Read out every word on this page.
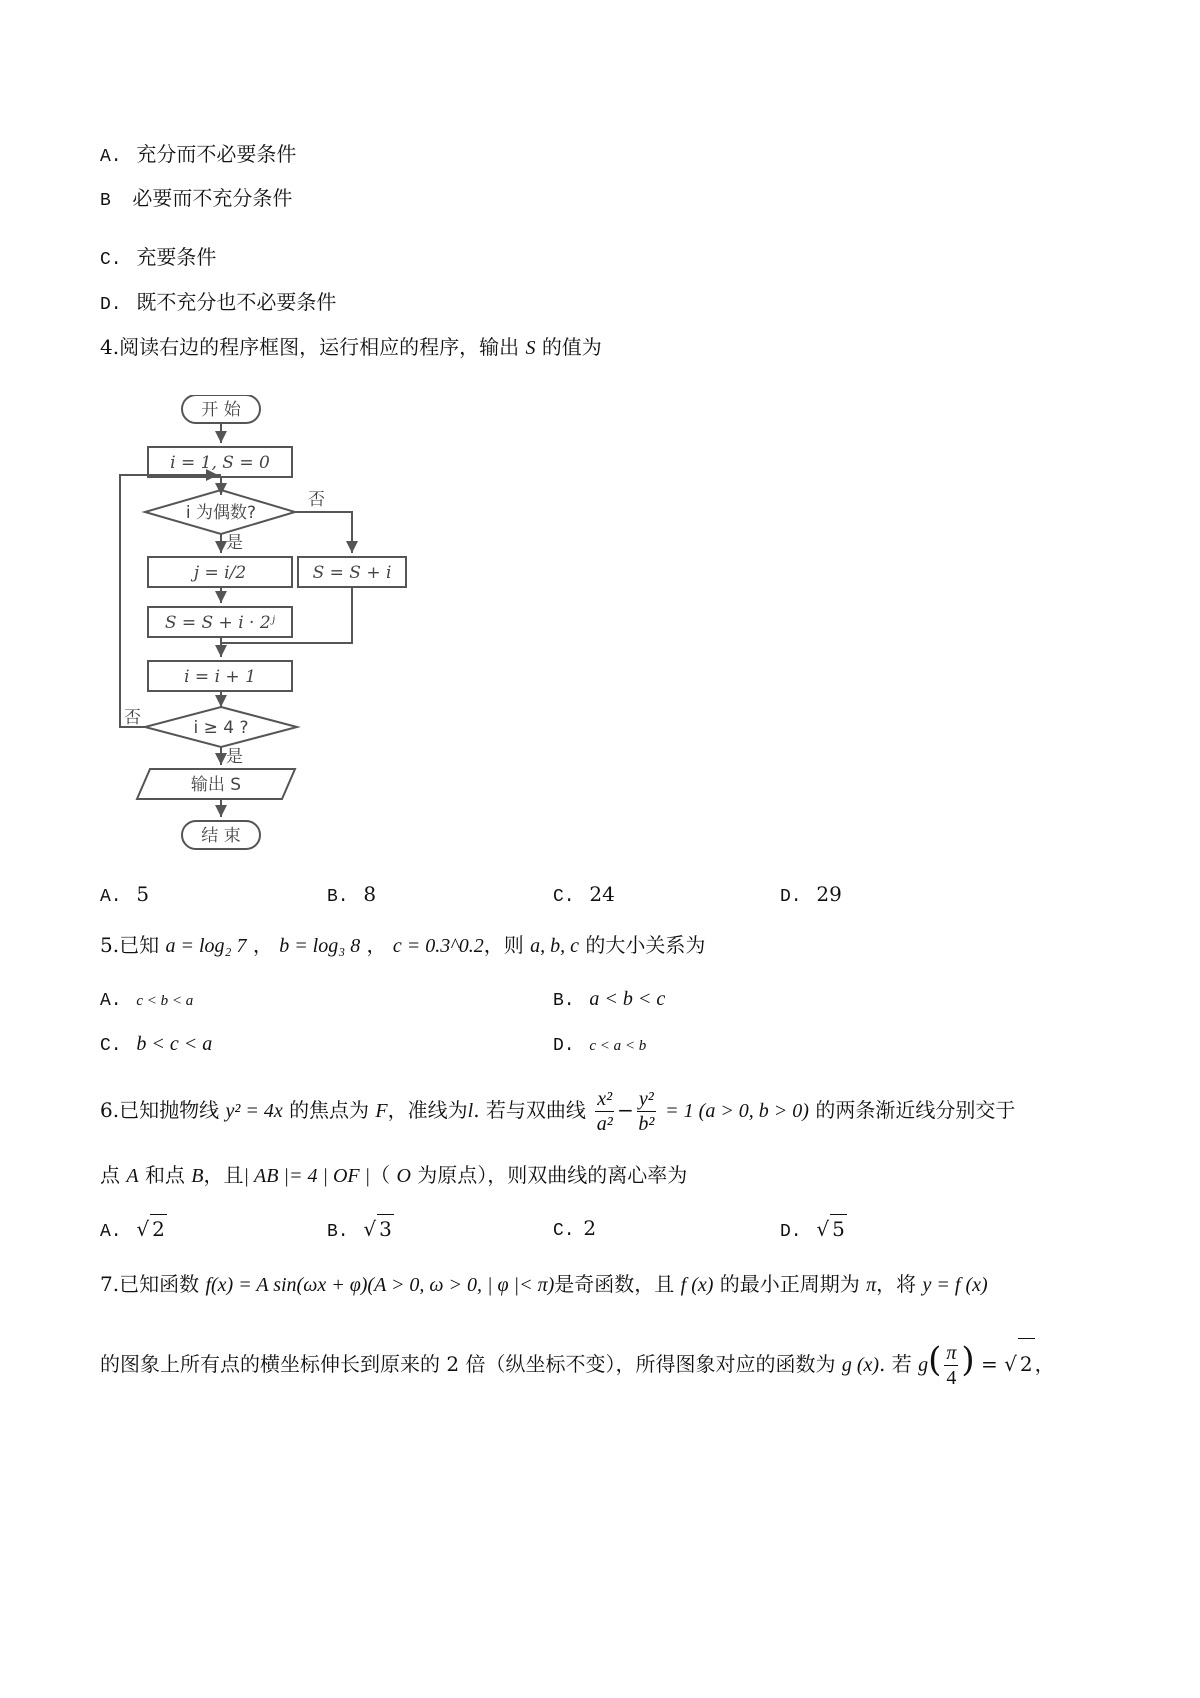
A. 充分而不必要条件
B 必要而不充分条件
C. 充要条件
D. 既不充分也不必要条件
4.阅读右边的程序框图，运行相应的程序，输出 S 的值为
开 始
i = 1, S = 0
i 为偶数?
否
是
j = i/2
S = S + i · 2ʲ
S = S + i
i = i + 1
i ≥ 4 ?
否
是
输出 S
结 束
A. 5	B. 8	C. 24	D. 29
5.已知 a = log₂ 7 ， b = log₃ 8 ， c = 0.3^0.2，则 a, b, c 的大小关系为
A. c < b < a	B. a < b < c
C. b < c < a	D. c < a < b
6.已知抛物线 y² = 4x 的焦点为 F，准线为l. 若与双曲线 $\frac{\text{x²}}{\text{a²}} - \frac{\text{y²}}{\text{b²}} = 1$ (a > 0, b > 0) 的两条渐近线分别交于
点 A 和点 B，且| AB |= 4 | OF |（ O 为原点），则双曲线的离心率为
A. √ 2	B. √ 3	C. 2	D. √ 5
7.已知函数 f(x) = A sin(ωx + φ)(A > 0, ω > 0, | φ |< π)是奇函数，且 f (x) 的最小正周期为 π，将 y = f (x)
的图象上所有点的横坐标伸长到原来的 2 倍（纵坐标不变），所得图象对应的函数为 g (x). 若 $g( \frac{\pi}{4}$ ) = √ 2 ，
